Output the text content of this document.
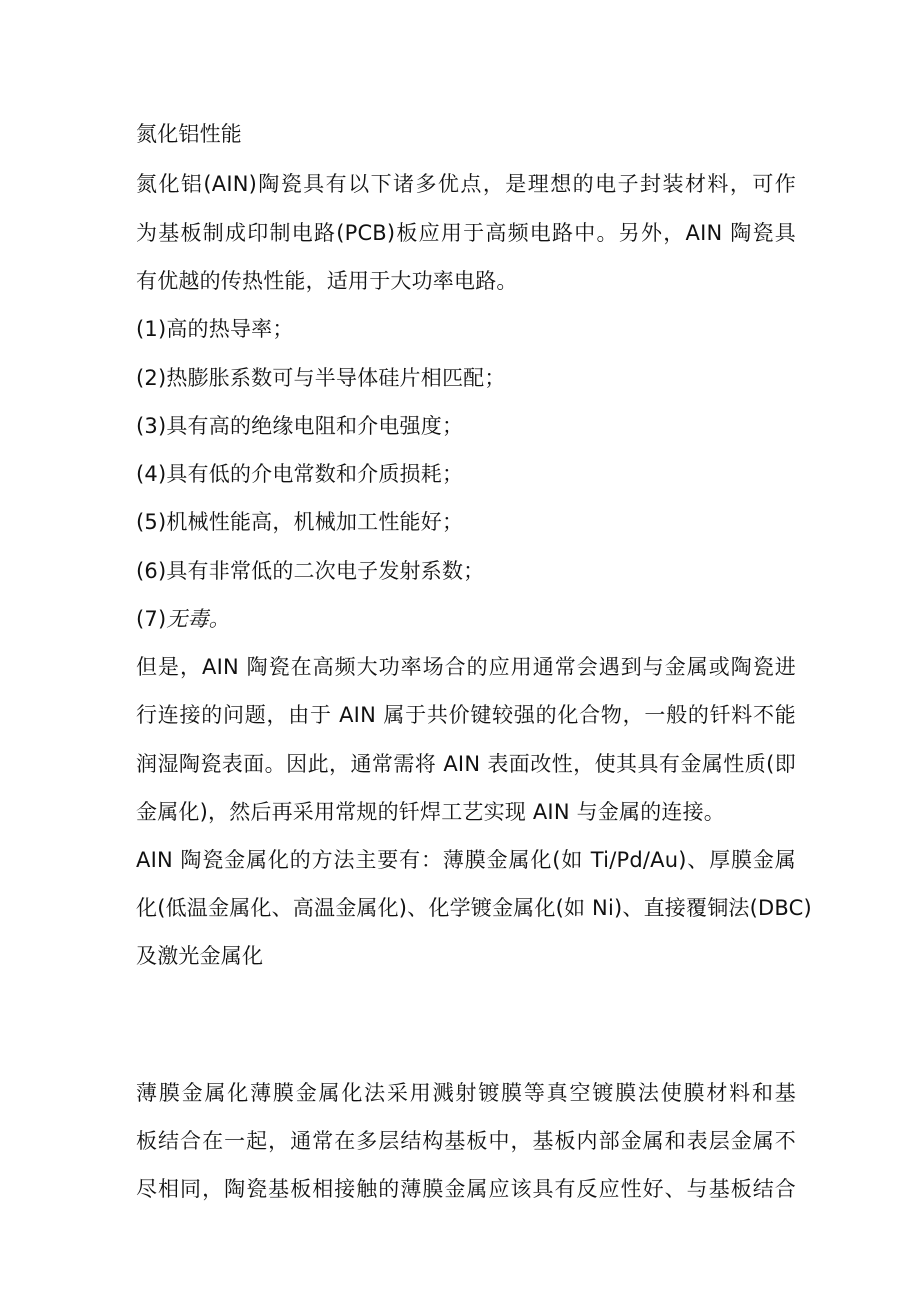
氮化铝性能
氮化铝(AIN)陶瓷具有以下诸多优点，是理想的电子封装材料，可作
为基板制成印制电路(PCB)板应用于高频电路中。另外，AIN 陶瓷具
有优越的传热性能，适用于大功率电路。
(1)高的热导率；
(2)热膨胀系数可与半导体硅片相匹配；
(3)具有高的绝缘电阻和介电强度；
(4)具有低的介电常数和介质损耗；
(5)机械性能高，机械加工性能好；
(6)具有非常低的二次电子发射系数；
(7)无毒。
但是，AIN 陶瓷在高频大功率场合的应用通常会遇到与金属或陶瓷进
行连接的问题，由于 AIN 属于共价键较强的化合物，一般的钎料不能
润湿陶瓷表面。因此，通常需将 AIN 表面改性，使其具有金属性质(即
金属化)，然后再采用常规的钎焊工艺实现 AIN 与金属的连接。
AIN 陶瓷金属化的方法主要有：薄膜金属化(如 Ti/Pd/Au)、厚膜金属
化(低温金属化、高温金属化)、化学镀金属化(如 Ni)、直接覆铜法(DBC)
及激光金属化
薄膜金属化薄膜金属化法采用溅射镀膜等真空镀膜法使膜材料和基
板结合在一起，通常在多层结构基板中，基板内部金属和表层金属不
尽相同，陶瓷基板相接触的薄膜金属应该具有反应性好、与基板结合
